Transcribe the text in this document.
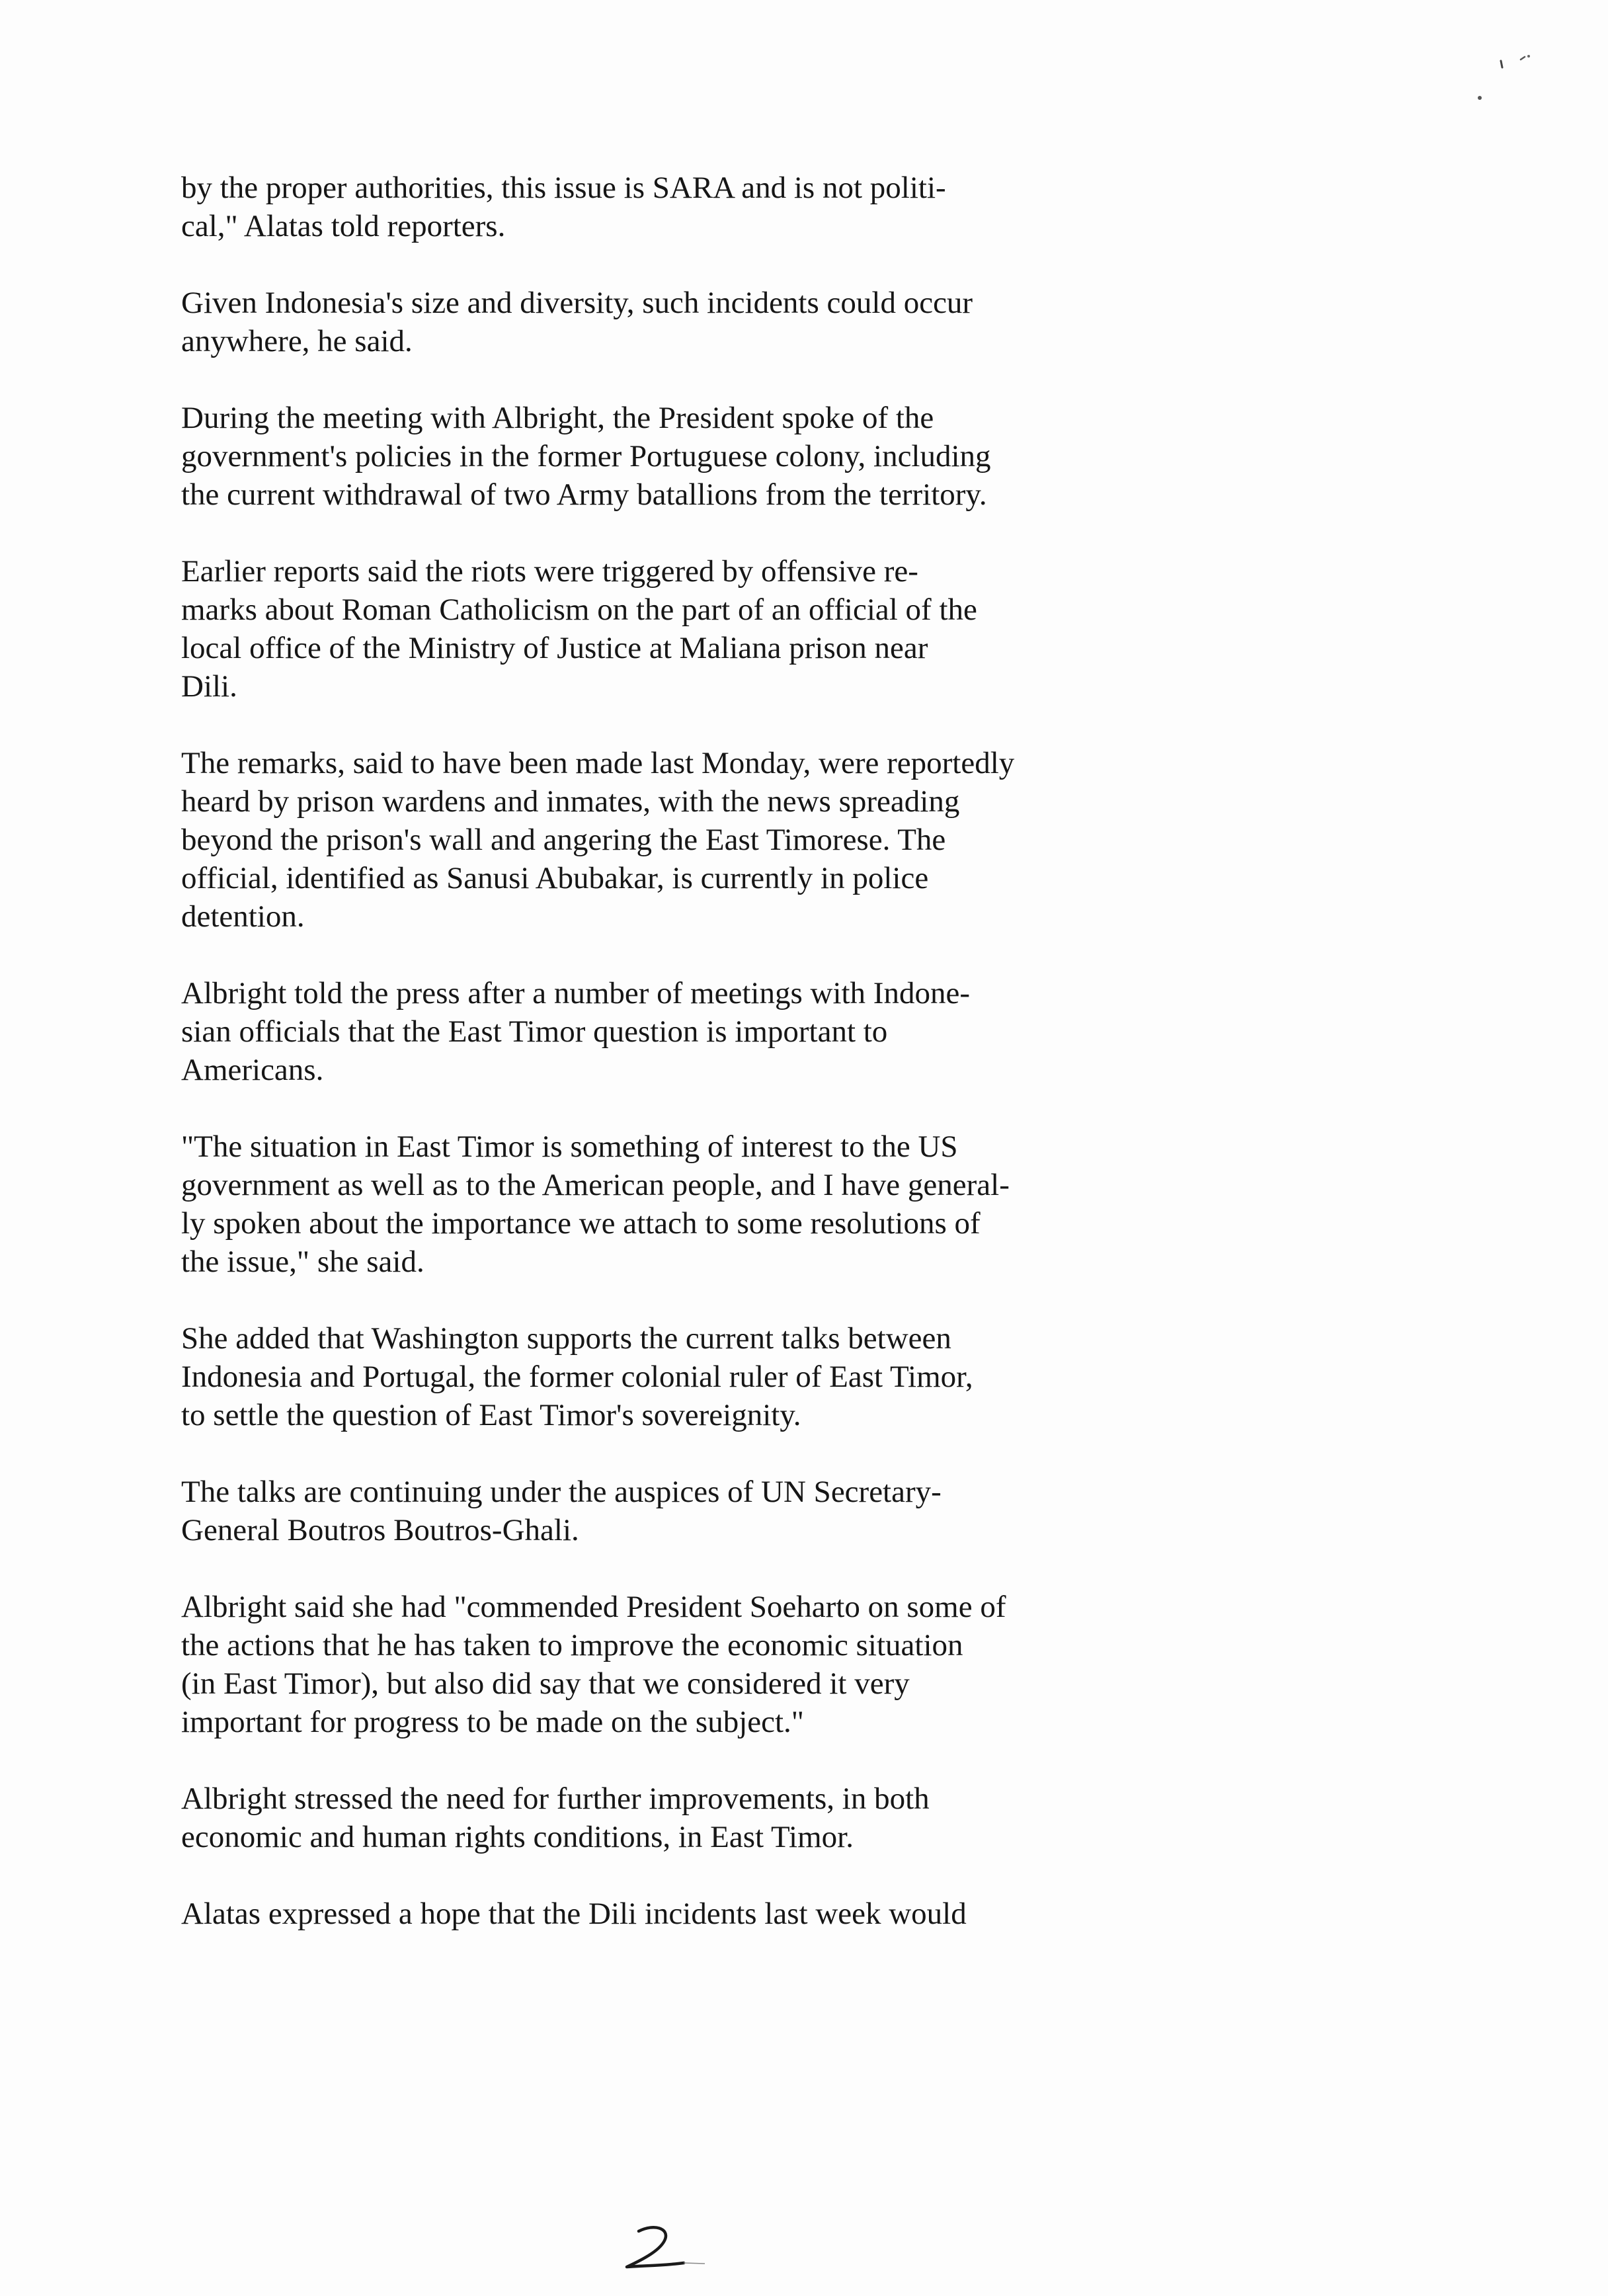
by the proper authorities, this issue is SARA and is not politi-
cal," Alatas told reporters.

Given Indonesia's size and diversity, such incidents could occur
anywhere, he said.

During the meeting with Albright, the President spoke of the
government's policies in the former Portuguese colony, including
the current withdrawal of two Army batallions from the territory.

Earlier reports said the riots were triggered by offensive re-
marks about Roman Catholicism on the part of an official of the
local office of the Ministry of Justice at Maliana prison near
Dili.

The remarks, said to have been made last Monday, were reportedly
heard by prison wardens and inmates, with the news spreading
beyond the prison's wall and angering the East Timorese. The
official, identified as Sanusi Abubakar, is currently in police
detention.

Albright told the press after a number of meetings with Indone-
sian officials that the East Timor question is important to
Americans.

"The situation in East Timor is something of interest to the US
government as well as to the American people, and I have general-
ly spoken about the importance we attach to some resolutions of
the issue," she said.

She added that Washington supports the current talks between
Indonesia and Portugal, the former colonial ruler of East Timor,
to settle the question of East Timor's sovereignity.

The talks are continuing under the auspices of UN Secretary-
General Boutros Boutros-Ghali.

Albright said she had "commended President Soeharto on some of
the actions that he has taken to improve the economic situation
(in East Timor), but also did say that we considered it very
important for progress to be made on the subject."

Albright stressed the need for further improvements, in both
economic and human rights conditions, in East Timor.

Alatas expressed a hope that the Dili incidents last week would
